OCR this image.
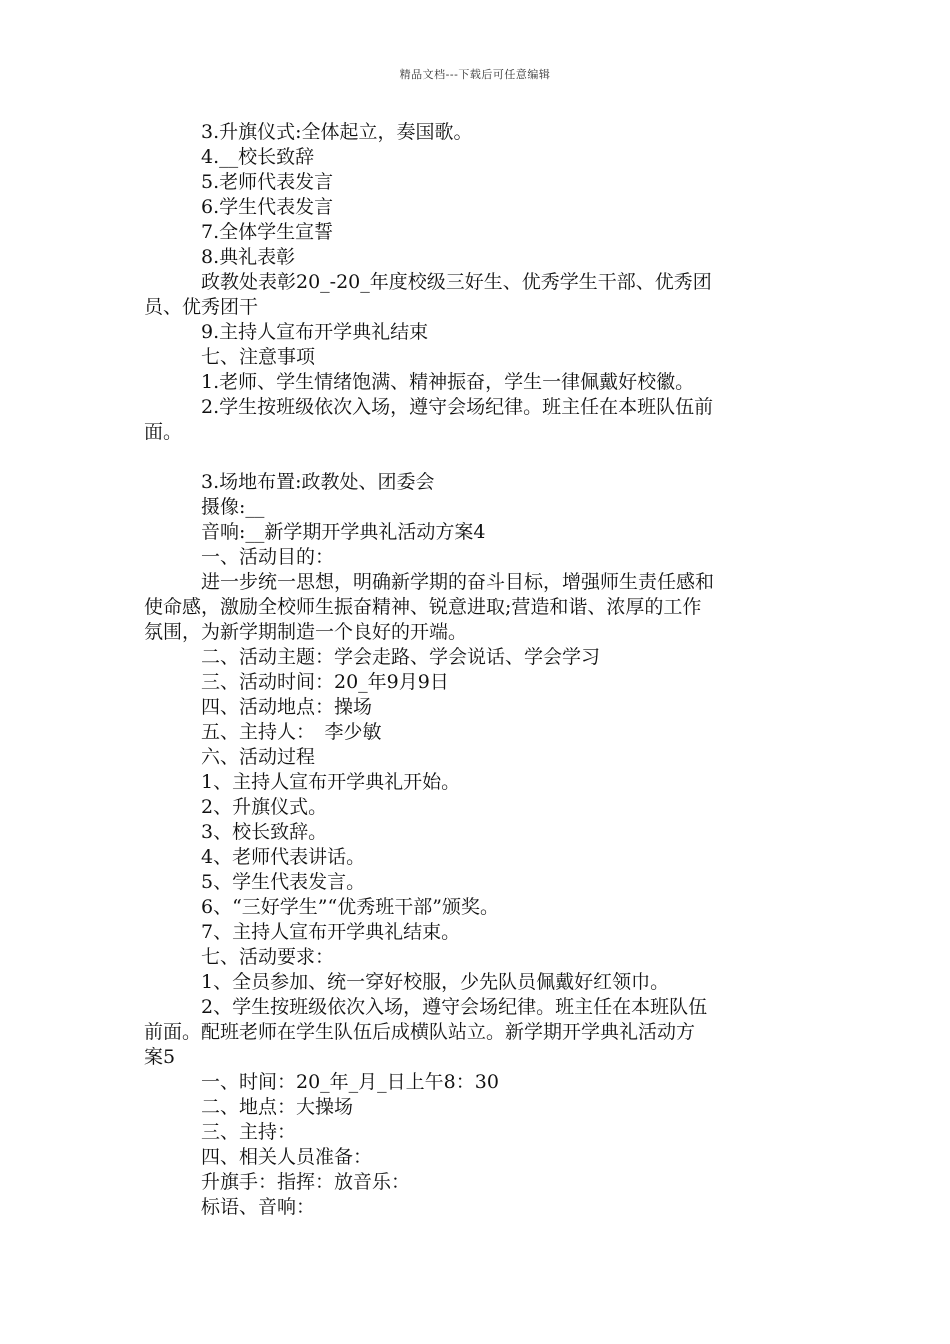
精品文档---下载后可任意编辑
3.升旗仪式:全体起立，奏国歌。
4.__校长致辞
5.老师代表发言
6.学生代表发言
7.全体学生宣誓
8.典礼表彰
政教处表彰20_-20_年度校级三好生、优秀学生干部、优秀团
员、优秀团干
9.主持人宣布开学典礼结束
七、注意事项
1.老师、学生情绪饱满、精神振奋，学生一律佩戴好校徽。
2.学生按班级依次入场，遵守会场纪律。班主任在本班队伍前
面。
3.场地布置:政教处、团委会
摄像:__
音响:__新学期开学典礼活动方案4
一、活动目的：
进一步统一思想，明确新学期的奋斗目标，增强师生责任感和
使命感，激励全校师生振奋精神、锐意进取;营造和谐、浓厚的工作
氛围，为新学期制造一个良好的开端。
二、活动主题：学会走路、学会说话、学会学习
三、活动时间：20_年9月9日
四、活动地点：操场
五、主持人：　李少敏
六、活动过程
1、主持人宣布开学典礼开始。
2、升旗仪式。
3、校长致辞。
4、老师代表讲话。
5、学生代表发言。
6、“三好学生”“优秀班干部”颁奖。
7、主持人宣布开学典礼结束。
七、活动要求：
1、全员参加、统一穿好校服，少先队员佩戴好红领巾。
2、学生按班级依次入场，遵守会场纪律。班主任在本班队伍
前面。配班老师在学生队伍后成横队站立。新学期开学典礼活动方
案5
一、时间：20_年_月_日上午8：30
二、地点：大操场
三、主持：
四、相关人员准备：
升旗手：指挥：放音乐：
标语、音响：
